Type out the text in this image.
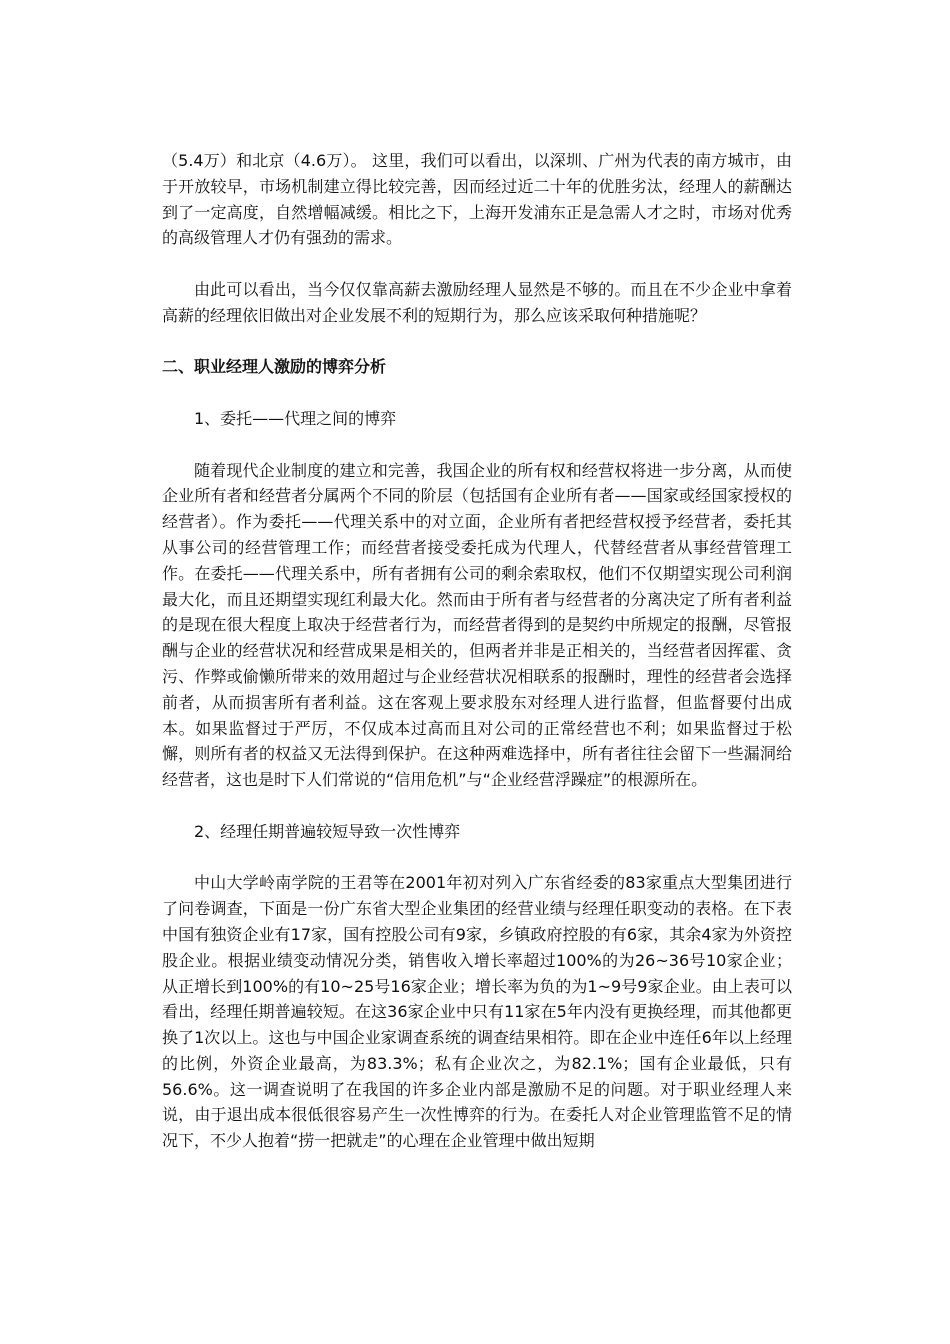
（5.4万）和北京（4.6万）。 这里，我们可以看出，以深圳、广州为代表的南方城市，由于开放较早，市场机制建立得比较完善，因而经过近二十年的优胜劣汰，经理人的薪酬达到了一定高度，自然增幅减缓。相比之下，上海开发浦东正是急需人才之时，市场对优秀的高级管理人才仍有强劲的需求。

由此可以看出，当今仅仅靠高薪去激励经理人显然是不够的。而且在不少企业中拿着高薪的经理依旧做出对企业发展不利的短期行为，那么应该采取何种措施呢？

二、职业经理人激励的博弈分析

1、委托——代理之间的博弈

随着现代企业制度的建立和完善，我国企业的所有权和经营权将进一步分离，从而使企业所有者和经营者分属两个不同的阶层（包括国有企业所有者——国家或经国家授权的经营者）。作为委托——代理关系中的对立面，企业所有者把经营权授予经营者，委托其从事公司的经营管理工作；而经营者接受委托成为代理人，代替经营者从事经营管理工作。在委托——代理关系中，所有者拥有公司的剩余索取权，他们不仅期望实现公司利润最大化，而且还期望实现红利最大化。然而由于所有者与经营者的分离决定了所有者利益的是现在很大程度上取决于经营者行为，而经营者得到的是契约中所规定的报酬，尽管报酬与企业的经营状况和经营成果是相关的，但两者并非是正相关的，当经营者因挥霍、贪污、作弊或偷懒所带来的效用超过与企业经营状况相联系的报酬时，理性的经营者会选择前者，从而损害所有者利益。这在客观上要求股东对经理人进行监督，但监督要付出成本。如果监督过于严厉，不仅成本过高而且对公司的正常经营也不利；如果监督过于松懈，则所有者的权益又无法得到保护。在这种两难选择中，所有者往往会留下一些漏洞给经营者，这也是时下人们常说的“信用危机”与“企业经营浮躁症”的根源所在。

2、经理任期普遍较短导致一次性博弈

中山大学岭南学院的王君等在2001年初对列入广东省经委的83家重点大型集团进行了问卷调查，下面是一份广东省大型企业集团的经营业绩与经理任职变动的表格。在下表中国有独资企业有17家，国有控股公司有9家，乡镇政府控股的有6家，其余4家为外资控股企业。根据业绩变动情况分类，销售收入增长率超过100%的为26~36号10家企业；从正增长到100%的有10~25号16家企业；增长率为负的为1~9号9家企业。由上表可以看出，经理任期普遍较短。在这36家企业中只有11家在5年内没有更换经理，而其他都更换了1次以上。这也与中国企业家调查系统的调查结果相符。即在企业中连任6年以上经理的比例，外资企业最高，为83.3%；私有企业次之，为82.1%；国有企业最低，只有56.6%。这一调查说明了在我国的许多企业内部是激励不足的问题。对于职业经理人来说，由于退出成本很低很容易产生一次性博弈的行为。在委托人对企业管理监管不足的情况下，不少人抱着“捞一把就走”的心理在企业管理中做出短期
